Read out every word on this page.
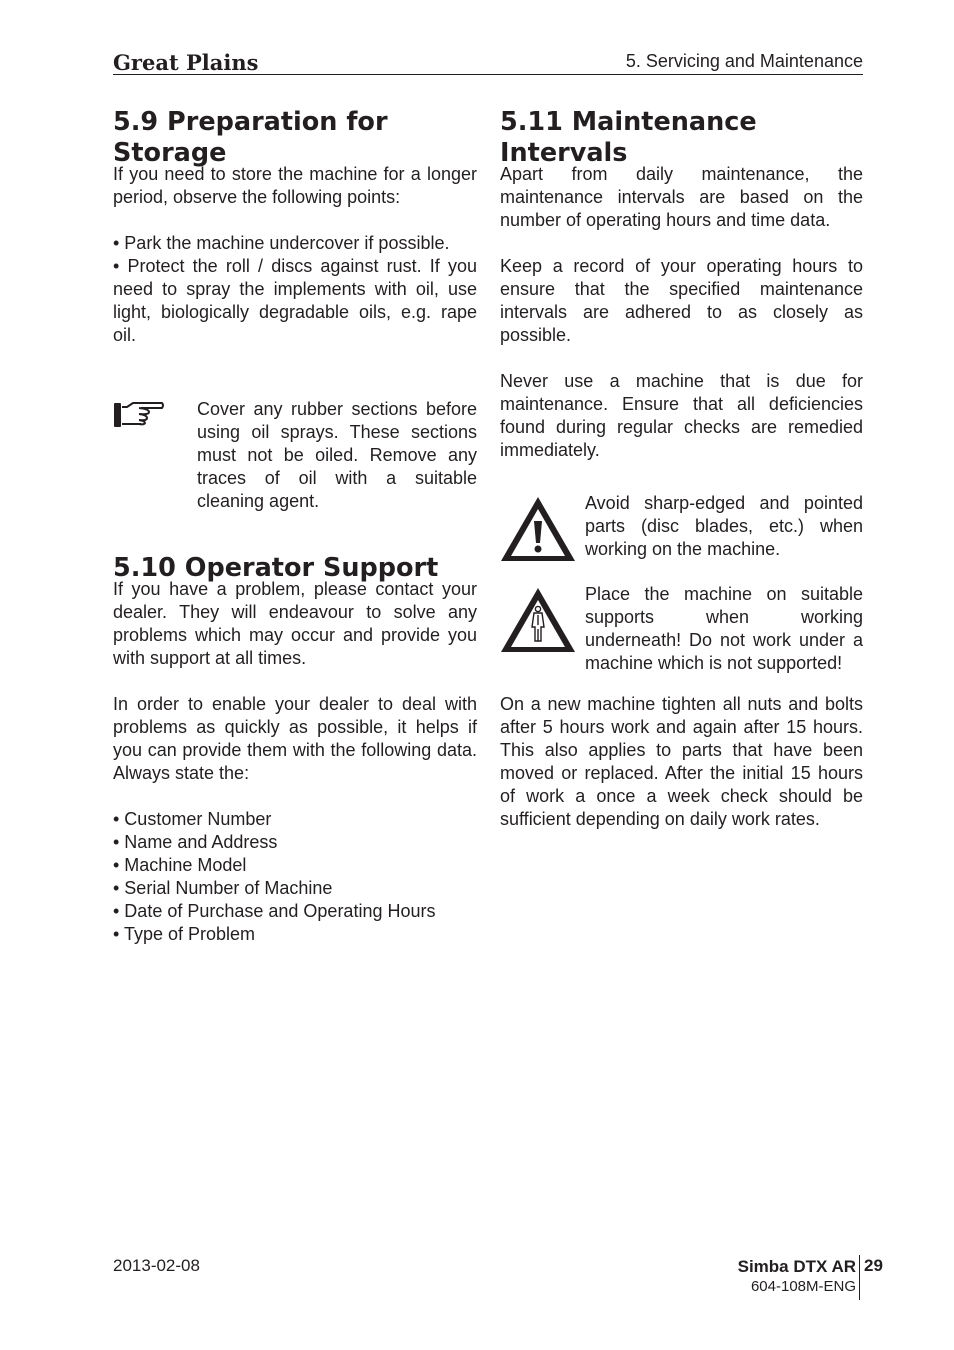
Great Plains	5. Servicing and Maintenance
5.9 Preparation for Storage

If you need to store the machine for a longer period, observe the following points:

• Park the machine undercover if possible.

• Protect the roll / discs against rust. If you need to spray the implements with oil, use light, biologically degradable oils, e.g. rape oil.

Cover any rubber sections before using oil sprays. These sections must not be oiled. Remove any traces of oil with a suitable cleaning agent.
5.10 Operator Support

If you have a problem, please contact your dealer. They will endeavour to solve any problems which may occur and provide you with support at all times.

In order to enable your dealer to deal with problems as quickly as possible, it helps if you can provide them with the following data. Always state the:

• Customer Number

• Name and Address

• Machine Model

• Serial Number of Machine

• Date of Purchase and Operating Hours

• Type of Problem

5.11 Maintenance
Intervals

Apart from daily maintenance, the maintenance intervals are based on the number of operating hours and time data.

Keep a record of your operating hours to ensure that the specified maintenance intervals are adhered to as closely as possible.

Never use a machine that is due for maintenance. Ensure that all deficiencies found during regular checks are remedied immediately.

Avoid sharp-edged and pointed parts (disc blades, etc.) when working on the machine.
Place the machine on suitable supports when working underneath! Do not work under a machine which is not supported!

On a new machine tighten all nuts and bolts after 5 hours work and again after 15 hours. This also applies to parts that have been moved or replaced. After the initial 15 hours of work a once a week check should be sufficient depending on daily work rates.

2013-02-08	Simba DTX AR 29
604-108M-ENG
